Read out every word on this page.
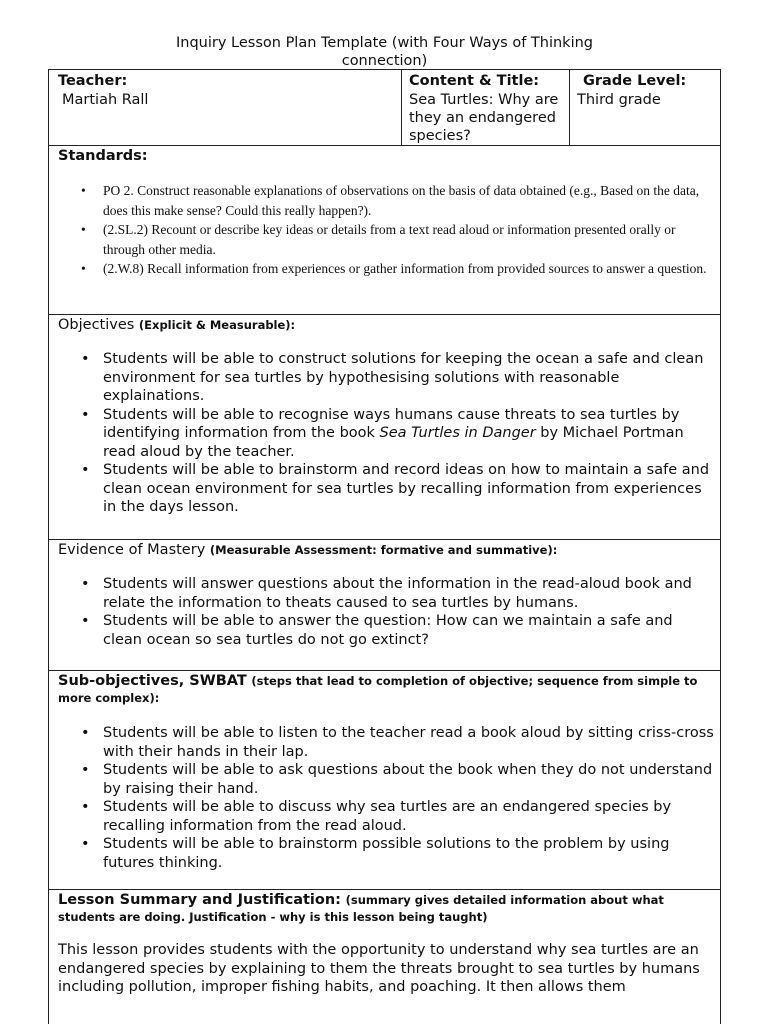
Inquiry Lesson Plan Template (with Four Ways of Thinking
connection)
Teacher:
Martiah Rall
Content & Title:
Sea Turtles: Why are they an endangered species?
Grade Level:
Third grade
Standards:
• PO 2. Construct reasonable explanations of observations on the basis of data obtained (e.g., Based on the data, does this make sense? Could this really happen?).
• (2.SL.2) Recount or describe key ideas or details from a text read aloud or information presented orally or through other media.
• (2.W.8) Recall information from experiences or gather information from provided sources to answer a question.
Objectives (Explicit & Measurable):
• Students will be able to construct solutions for keeping the ocean a safe and clean environment for sea turtles by hypothesising solutions with reasonable explainations.
• Students will be able to recognise ways humans cause threats to sea turtles by identifying information from the book Sea Turtles in Danger by Michael Portman read aloud by the teacher.
• Students will be able to brainstorm and record ideas on how to maintain a safe and clean ocean environment for sea turtles by recalling information from experiences in the days lesson.
Evidence of Mastery (Measurable Assessment: formative and summative):
• Students will answer questions about the information in the read-aloud book and relate the information to theats caused to sea turtles by humans.
• Students will be able to answer the question: How can we maintain a safe and clean ocean so sea turtles do not go extinct?
Sub-objectives, SWBAT (steps that lead to completion of objective; sequence from simple to more complex):
• Students will be able to listen to the teacher read a book aloud by sitting criss-cross with their hands in their lap.
• Students will be able to ask questions about the book when they do not understand by raising their hand.
• Students will be able to discuss why sea turtles are an endangered species by recalling information from the read aloud.
• Students will be able to brainstorm possible solutions to the problem by using futures thinking.
Lesson Summary and Justification: (summary gives detailed information about what students are doing. Justification - why is this lesson being taught)
This lesson provides students with the opportunity to understand why sea turtles are an endangered species by explaining to them the threats brought to sea turtles by humans including pollution, improper fishing habits, and poaching. It then allows them
